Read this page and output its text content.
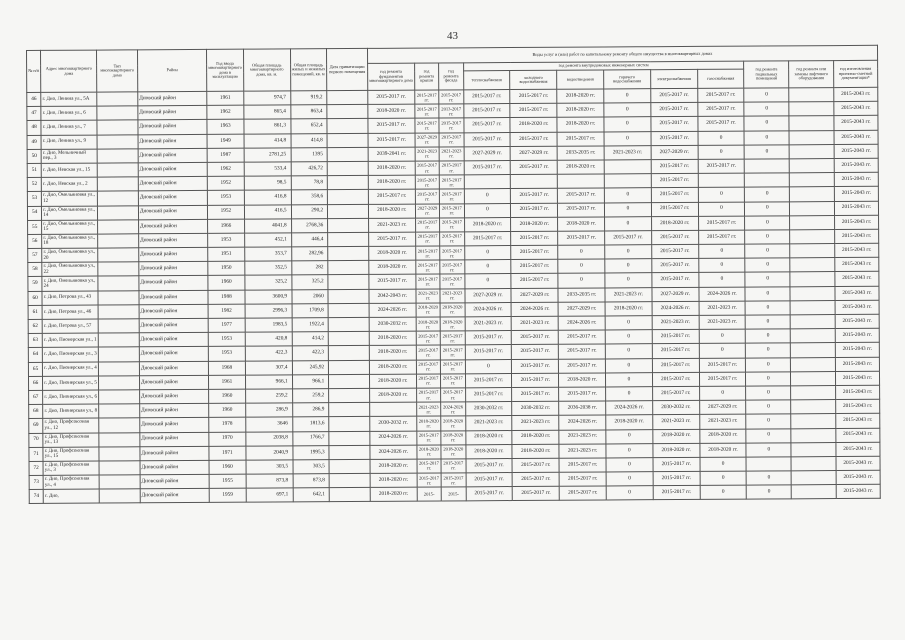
43
№ п/п	Адрес многоквартирного дома	Тип многоквартирного дома	Район	Год ввода многоквартирного дома в эксплуатацию	Общая площадь многоквартирного дома, кв. м.	Общая площадь жилых и нежилых помещений, кв. м	Дата приватизации первого помещения	Виды услуг и (или) работ по капитальному ремонту общего имущества в многоквартирных домах											
								год ремонта фундаментов многоквартирного дома	год ремонта крыши	год ремонта фасада	год ремонта внутридомовых инженерных систем						год ремонта подвальных помещений	год ремонта или замены лифтового оборудования	год изготовления проектно-сметной документации*
											теплоснабжения	холодного водоснабжения	водоотведения	горячего водоснабжения	электроснабжения	газоснабжения			
46	г. Дно, Ленина ул., 5А		Дновский район	1961	974,7	919,2		2015-2017 гг.	2015-2017 гг.	2015-2017 гг.	2015-2017 гг.	2015-2017 гг.	2018-2020 гг.	0	2015-2017 гг.	2015-2017 гг.	0		2015-2043 гг.
47	г. Дно, Ленина ул., 6		Дновский район	1962	865,4	863,4		2018-2020 гг.	2015-2017 гг.	2013-2017 гг.	2015-2017 гг.	2015-2017 гг.	2018-2020 гг.	0	2015-2017 гг.	2015-2017 гг.	0		2015-2043 гг.
48	г. Дно, Ленина ул., 7		Дновский район	1963	861,3	652,4		2015-2017 гг.	2015-2017 гг.	2015-2017 гг.	2015-2017 гг.	2018-2020 гг.	2018-2020 гг.	0	2015-2017 гг.	2015-2017 гг.	0		2015-2043 гг.
49	г. Дно, Ленина ул., 9		Дновский район	1949	414,8	414,8		2015-2017 гг.	2027-2029 гг.	2015-2017 гг.	2015-2017 гг.	2015-2017 гг.	2015-2017 гг.	0	2015-2017 гг.	0	0		2015-2043 гг.
50	г. Дно, Мельничный пер., 3		Дновский район	1987	2781,25	1395		2039-2041 гг.	2021-2023 гг.	2021-2023 гг.	2027-2029 гг.	2027-2029 гг.	2033-2035 гг.	2021-2023 гг.	2027-2029 гг.	0	0		2015-2043 гг.
51	г. Дно, Невская ул., 15		Дновский район	1962	533,4	426,72		2018-2020 гг.	2015-2017 гг.	2015-2017 гг.	2015-2017 гг.	2015-2017 гг.	2018-2020 гг.		2015-2017 гг.	2015-2017 гг.			2015-2043 гг.
52	г. Дно, Невская ул., 2		Дновский район	1952	98,5	78,8		2018-2020 гг.	2015-2017 гг.	2015-2017 гг.					2015-2017 гг.				2015-2043 гг.
53	г. Дно, Омельяновка ул., 12		Дновский район	1953	416,8	358,6		2015-2017 гг.	2015-2017 гг.	2015-2017 гг.	0	2015-2017 гг.	2015-2017 гг.	0	2015-2017 гг.	0	0		2015-2043 гг.
54	г. Дно, Омельяновка ул., 14		Дновский район	1952	416,5	290,2		2018-2020 гг.	2027-2029 гг.	2015-2017 гг.	0	2015-2017 гг.	2015-2017 гг.	0	2015-2017 гг.	0	0		2015-2043 гг.
55	г. Дно, Омельяновка ул., 15		Дновский район	1966	4041,8	2768,36		2021-2023 гг.	2015-2017 гг.	2015-2017 гг.	2018-2020 гг.	2018-2020 гг.	2018-2020 гг.	0	2018-2020 гг.	2015-2017 гг.	0		2015-2043 гг.
56	г. Дно, Омельяновка ул., 18		Дновский район	1953	452,1	446,4		2015-2017 гг.	2015-2017 гг.	2015-2017 гг.	2015-2017 гг.	2015-2017 гг.	2015-2017 гг.	2015-2017 гг.	2015-2017 гг.	2015-2017 гг.	0		2015-2043 гг.
57	г. Дно, Омельяновка ул., 20		Дновский район	1951	353,7	282,96		2018-2020 гг.	2015-2017 гг.	2015-2017 гг.	0	2015-2017 гг.	0	0	2015-2017 гг.	0	0		2015-2043 гг.
58	г. Дно, Омельяновка ул., 22		Дновский район	1950	352,5	282		2018-2020 гг.	2015-2017 гг.	2015-2017 гг.	0	2015-2017 гг.	0	0	2015-2017 гг.	0	0		2015-2043 гг.
59	г. Дно, Омельяновка ул., 24		Дновский район	1960	325,2	325,2		2015-2017 гг.	2015-2017 гг.	2015-2017 гг.	0	2015-2017 гг.	0	0	2015-2017 гг.	0	0		2015-2043 гг.
60	г. Дно, Петрова ул., 43		Дновский район	1988	3600,9	2060		2042-2043 гг.	2021-2023 гг.	2021-2023 гг.	2027-2029 гг.	2027-2029 гг.	2033-2035 гг.	2021-2023 гг.	2027-2029 гг.	2024-2026 гг.	0		2015-2043 гг.
61	г. Дно, Петрова ул., 46		Дновский район	1982	2996,3	1709,8		2024-2026 гг.	2018-2020 гг.	2018-2020 гг.	2024-2026 гг.	2024-2026 гг.	2027-2029 гг.	2018-2020 гг.	2024-2026 гг.	2021-2023 гг.	0		2015-2043 гг.
62	г. Дно, Петрова ул., 57		Дновский район	1977	1983,5	1922,4		2030-2032 гг.	2018-2020 гг.	2018-2020 гг.	2021-2023 гг.	2021-2023 гг.	2024-2026 гг.	0	2021-2023 гг.	2021-2023 гг.	0		2015-2043 гг.
63	г. Дно, Пионерская ул., 1		Дновский район	1953	420,8	414,2		2018-2020 гг.	2015-2017 гг.	2015-2017 гг.	2015-2017 гг.	2015-2017 гг.	2015-2017 гг.	0	2015-2017 гг.	0	0		2015-2043 гг.
64	г. Дно, Пионерская ул., 3		Дновский район	1953	422,3	422,3		2018-2020 гг.	2015-2017 гг.	2015-2017 гг.	2015-2017 гг.	2015-2017 гг.	2015-2017 гг.	0	2015-2017 гг.	0	0		2015-2043 гг.
65	г. Дно, Пионерская ул., 4		Дновский район	1968	307,4	245,92		2018-2020 гг.	2015-2017 гг.	2015-2017 гг.	0	2015-2017 гг.	2015-2017 гг.	0	2015-2017 гг.	2015-2017 гг.	0		2015-2043 гг.
66	г. Дно, Пионерская ул., 5		Дновский район	1961	966,1	966,1		2018-2020 гг.	2015-2017 гг.	2015-2017 гг.	2015-2017 гг.	2015-2017 гг.	2018-2020 гг.	0	2015-2017 гг.	2015-2017 гг.	0		2015-2043 гг.
67	г. Дно, Пионерская ул., 6		Дновский район	1960	259,2	259,2		2018-2020 гг.	2015-2017 гг.	2015-2017 гг.	2015-2017 гг.	2015-2017 гг.	2015-2017 гг.	0	2015-2017 гг.	0	0		2015-2043 гг.
68	г. Дно, Пионерская ул., 8		Дновский район	1960	286,9	286,9			2021-2023 гг.	2024-2026 гг.	2030-2032 гг.	2030-2032 гг.	2036-2038 гг.	2024-2026 гг.	2030-2032 гг.	2027-2029 гг.	0		2015-2043 гг.
69	г. Дно, Профсоюзная ул., 12		Дновский район	1978	3646	1813,6		2030-2032 гг.	2018-2020 гг.	2018-2020 гг.	2021-2023 гг.	2021-2023 гг.	2024-2026 гг.	2018-2020 гг.	2021-2023 гг.	2021-2023 гг.	0		2015-2043 гг.
70	г. Дно, Профсоюзная ул., 13		Дновский район	1970	2038,8	1766,7		2024-2026 гг.	2015-2017 гг.	2018-2020 гг.	2018-2020 гг.	2018-2020 гг.	2021-2023 гг.	0	2018-2020 гг.	2018-2020 гг.	0		2015-2043 гг.
71	г. Дно, Профсоюзная ул., 15		Дновский район	1971	2040,9	1995,3		2024-2026 гг.	2018-2020 гг.	2018-2020 гг.	2018-2020 гг.	2018-2020 гг.	2021-2023 гг.	0	2018-2020 гг.	2018-2020 гг.	0		2015-2043 гг.
72	г. Дно, Профсоюзная ул., 3		Дновский район	1960	303,5	303,5		2018-2020 гг.	2015-2017 гг.	2015-2017 гг.	2015-2017 гг.	2015-2017 гг.	2015-2017 гг.	0	2015-2017 гг.	0			2015-2043 гг.
73	г. Дно, Профсоюзная ул., 4		Дновский район	1955	873,8	873,8		2018-2020 гг.	2015-2017 гг.	2015-2017 гг.	2015-2017 гг.	2015-2017 гг.	2015-2017 гг.	0	2015-2017 гг.	0	0		2015-2043 гг.
74	г. Дно,		Дновский район	1959	697,1	642,1		2018-2020 гг.	2015-	2015-	2015-2017 гг.	2015-2017 гг.	2015-2017 гг.	0	2015-2017 гг.	0	0		2015-2043 гг.
